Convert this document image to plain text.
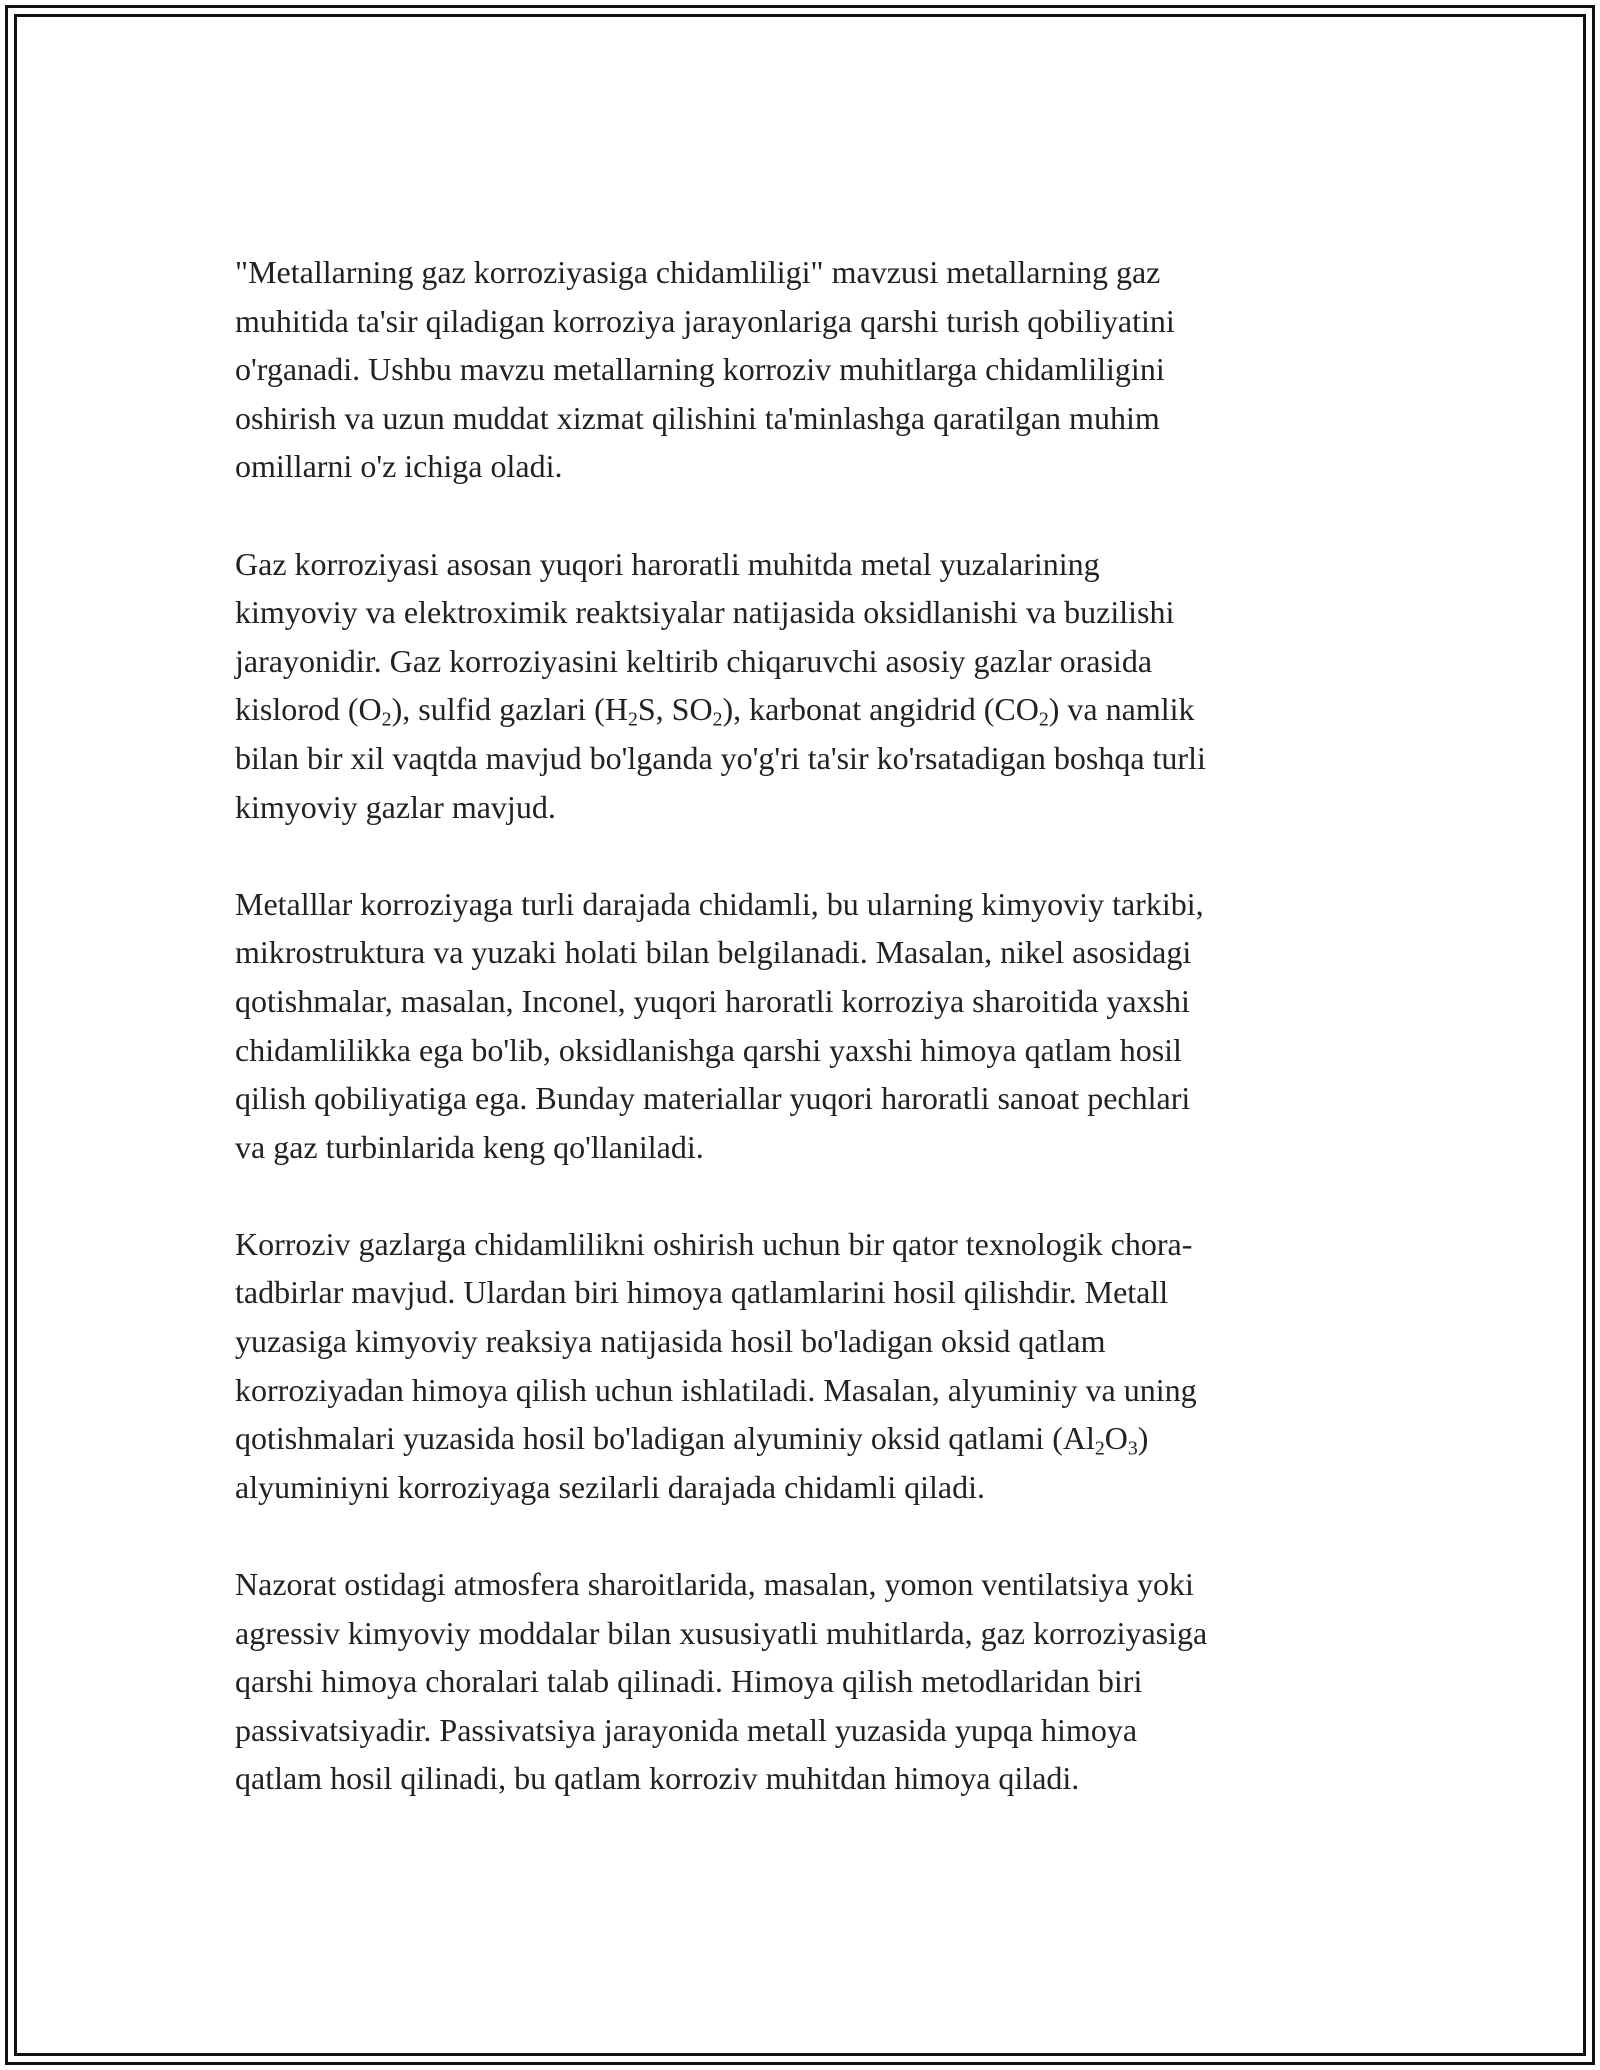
"Metallarning gaz korroziyasiga chidamliligi" mavzusi metallarning gaz
muhitida ta'sir qiladigan korroziya jarayonlariga qarshi turish qobiliyatini
o'rganadi. Ushbu mavzu metallarning korroziv muhitlarga chidamliligini
oshirish va uzun muddat xizmat qilishini ta'minlashga qaratilgan muhim
omillarni o'z ichiga oladi.

Gaz korroziyasi asosan yuqori haroratli muhitda metal yuzalarining
kimyoviy va elektroximik reaktsiyalar natijasida oksidlanishi va buzilishi
jarayonidir. Gaz korroziyasini keltirib chiqaruvchi asosiy gazlar orasida
kislorod $(O_2)$, sulfid gazlari ($H_2S$, $SO_2$), karbonat angidrid $(CO_2)$ va namlik
bilan bir xil vaqtda mavjud bo'lganda yo'g'ri ta'sir ko'rsatadigan boshqa turli
kimyoviy gazlar mavjud.

Metalllar korroziyaga turli darajada chidamli, bu ularning kimyoviy tarkibi,
mikrostruktura va yuzaki holati bilan belgilanadi. Masalan, nikel asosidagi
qotishmalar, masalan, Inconel, yuqori haroratli korroziya sharoitida yaxshi
chidamlilikka ega bo'lib, oksidlanishga qarshi yaxshi himoya qatlam hosil
qilish qobiliyatiga ega. Bunday materiallar yuqori haroratli sanoat pechlari
va gaz turbinlarida keng qo'llaniladi.

Korroziv gazlarga chidamlilikni oshirish uchun bir qator texnologik chora-
tadbirlar mavjud. Ulardan biri himoya qatlamlarini hosil qilishdir. Metall
yuzasiga kimyoviy reaksiya natijasida hosil bo'ladigan oksid qatlam
korroziyadan himoya qilish uchun ishlatiladi. Masalan, alyuminiy va uning
qotishmalari yuzasida hosil bo'ladigan alyuminiy oksid qatlami $(Al_2O_3)$
alyuminiyni korroziyaga sezilarli darajada chidamli qiladi.

Nazorat ostidagi atmosfera sharoitlarida, masalan, yomon ventilatsiya yoki
agressiv kimyoviy moddalar bilan xususiyatli muhitlarda, gaz korroziyasiga
qarshi himoya choralari talab qilinadi. Himoya qilish metodlaridan biri
passivatsiyadir. Passivatsiya jarayonida metall yuzasida yupqa himoya
qatlam hosil qilinadi, bu qatlam korroziv muhitdan himoya qiladi.
